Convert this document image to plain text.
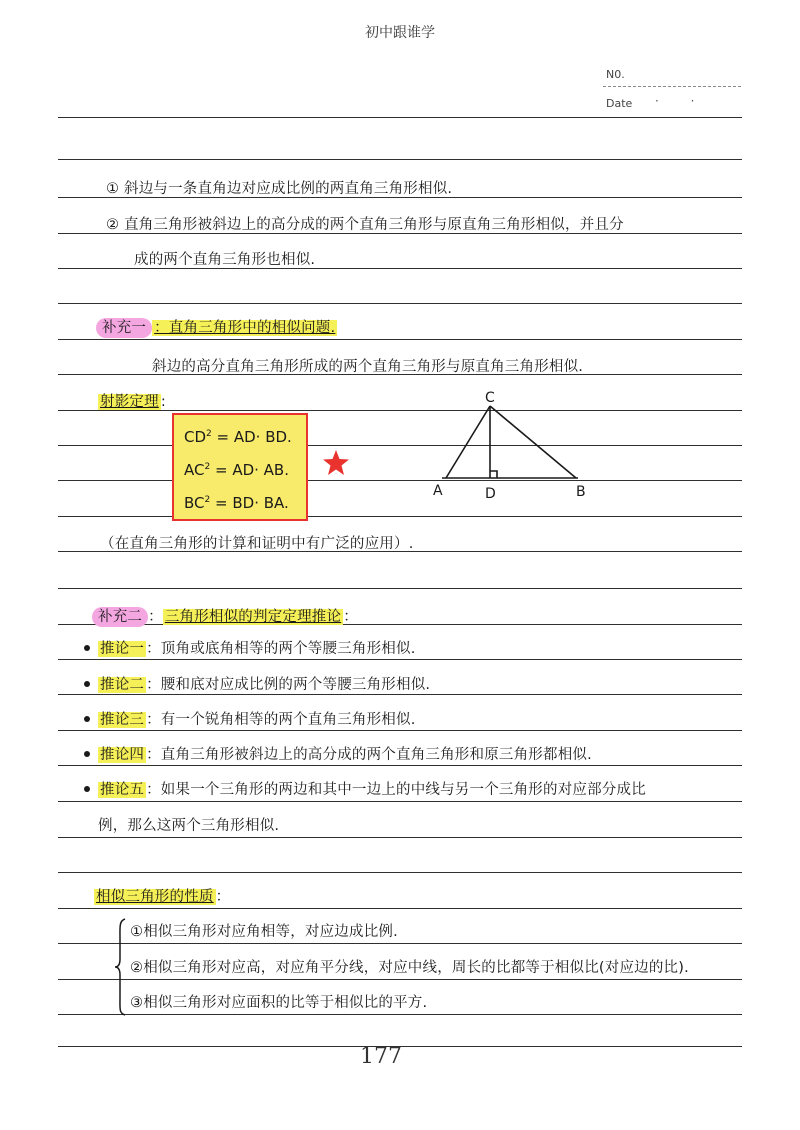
初中跟谁学
N0.
Date · ·
① 斜边与一条直角边对应成比例的两直角三角形相似.
② 直角三角形被斜边上的高分成的两个直角三角形与原直角三角形相似，并且分
成的两个直角三角形也相似.
补充一 ：直角三角形中的相似问题.
斜边的高分直角三角形所成的两个直角三角形与原直角三角形相似.
射影定理 :
$CD^2 = AD\cdot$ BD.
$AC^2 = AD\cdot$ AB.
$BC^2 = BD\cdot$ BA.
C
A	D	B
（在直角三角形的计算和证明中有广泛的应用）.
补充二 ： 三角形相似的判定定理推论 ：
推论一 ：顶角或底角相等的两个等腰三角形相似.
推论二 ：腰和底对应成比例的两个等腰三角形相似.
推论三 ：有一个锐角相等的两个直角三角形相似.
推论四 ：直角三角形被斜边上的高分成的两个直角三角形和原三角形都相似.
推论五 ：如果一个三角形的两边和其中一边上的中线与另一个三角形的对应部分成比
例，那么这两个三角形相似.
相似三角形的性质 ：
①相似三角形对应角相等，对应边成比例.
②相似三角形对应高，对应角平分线，对应中线，周长的比都等于相似比(对应边的比).
③相似三角形对应面积的比等于相似比的平方.
177
